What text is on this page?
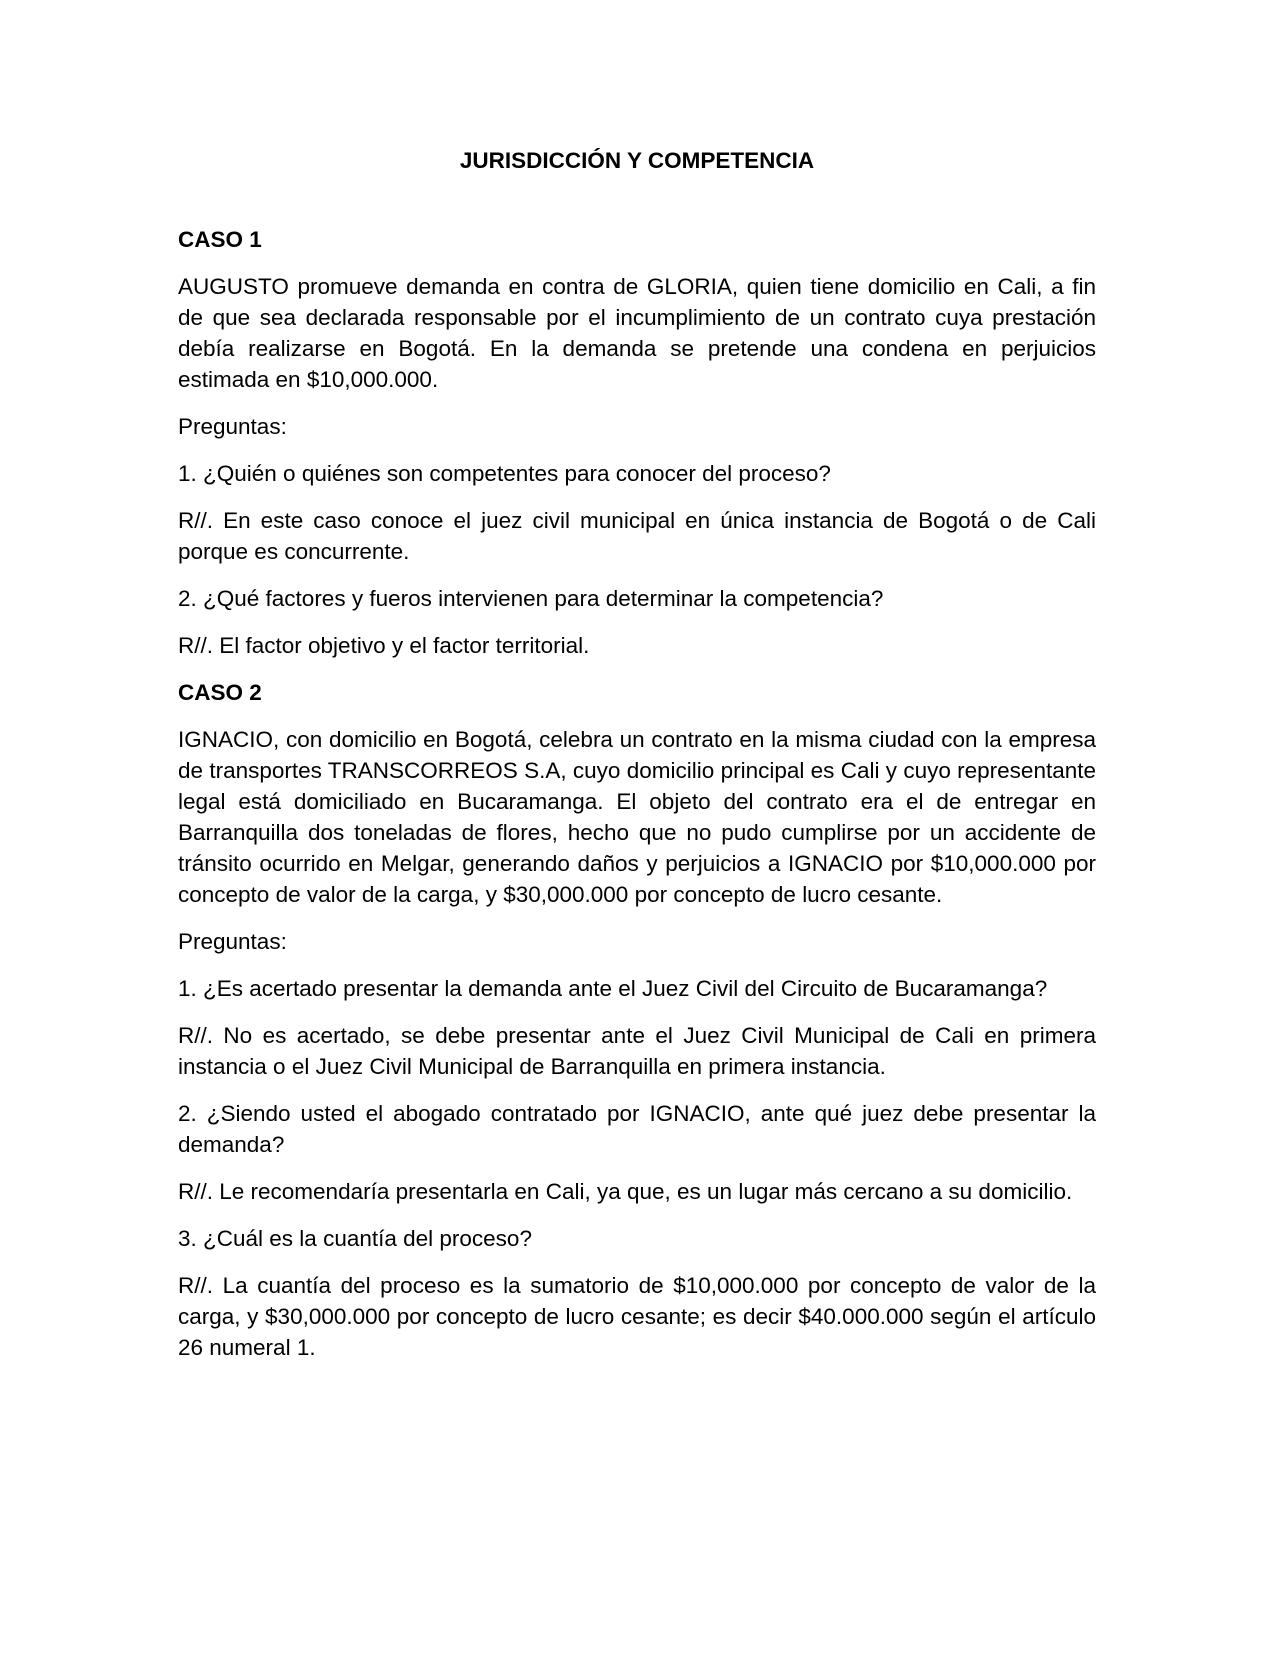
JURISDICCIÓN Y COMPETENCIA
CASO 1

AUGUSTO promueve demanda en contra de GLORIA, quien tiene domicilio en Cali, a fin de que sea declarada responsable por el incumplimiento de un contrato cuya prestación debía realizarse en Bogotá. En la demanda se pretende una condena en perjuicios estimada en $10,000.000.

Preguntas:

1. ¿Quién o quiénes son competentes para conocer del proceso?

R//. En este caso conoce el juez civil municipal en única instancia de Bogotá o de Cali porque es concurrente.

2. ¿Qué factores y fueros intervienen para determinar la competencia?

R//. El factor objetivo y el factor territorial.

CASO 2

IGNACIO, con domicilio en Bogotá, celebra un contrato en la misma ciudad con la empresa de transportes TRANSCORREOS S.A, cuyo domicilio principal es Cali y cuyo representante legal está domiciliado en Bucaramanga. El objeto del contrato era el de entregar en Barranquilla dos toneladas de flores, hecho que no pudo cumplirse por un accidente de tránsito ocurrido en Melgar, generando daños y perjuicios a IGNACIO por $10,000.000 por concepto de valor de la carga, y $30,000.000 por concepto de lucro cesante.

Preguntas:

1. ¿Es acertado presentar la demanda ante el Juez Civil del Circuito de Bucaramanga?

R//. No es acertado, se debe presentar ante el Juez Civil Municipal de Cali en primera instancia o el Juez Civil Municipal de Barranquilla en primera instancia.

2. ¿Siendo usted el abogado contratado por IGNACIO, ante qué juez debe presentar la demanda?

R//. Le recomendaría presentarla en Cali, ya que, es un lugar más cercano a su domicilio.

3. ¿Cuál es la cuantía del proceso?

R//. La cuantía del proceso es la sumatorio de $10,000.000 por concepto de valor de la carga, y $30,000.000 por concepto de lucro cesante; es decir $40.000.000 según el artículo 26 numeral 1.
